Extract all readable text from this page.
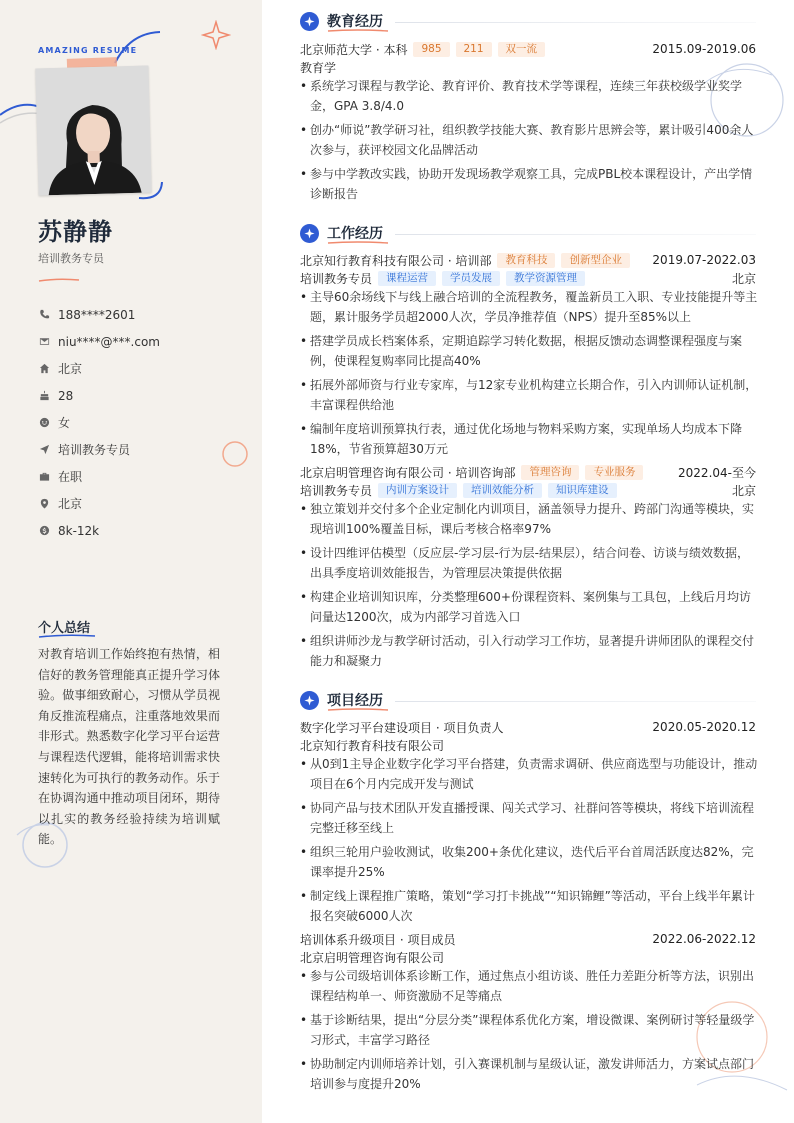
AMAZING RESUME
苏静静
培训教务专员
188****2601
niu****@***.com
北京
28
女
培训教务专员
在职
北京
8k-12k
个人总结

对教育培训工作始终抱有热情，相信好的教务管理能真正提升学习体验。做事细致耐心，习惯从学员视角反推流程痛点，注重落地效果而非形式。熟悉数字化学习平台运营与课程迭代逻辑，能将培训需求快速转化为可执行的教务动作。乐于在协调沟通中推动项目闭环，期待以扎实的教务经验持续为培训赋能。

教育经历
北京师范大学 · 本科	985	211	双一流	2015.09-2019.06
教育学
• 系统学习课程与教学论、教育评价、教育技术学等课程，连续三年获校级学业奖学金，GPA 3.8/4.0
• 创办“师说”教学研习社，组织教学技能大赛、教育影片思辨会等，累计吸引400余人次参与，获评校园文化品牌活动
• 参与中学教改实践，协助开发现场教学观察工具，完成PBL校本课程设计，产出学情诊断报告
工作经历
北京知行教育科技有限公司 · 培训部	教育科技	创新型企业	2019.07-2022.03
培训教务专员	课程运营	学员发展	教学资源管理	北京
• 主导60余场线下与线上融合培训的全流程教务，覆盖新员工入职、专业技能提升等主题，累计服务学员超2000人次，学员净推荐值（NPS）提升至85%以上
• 搭建学员成长档案体系，定期追踪学习转化数据，根据反馈动态调整课程强度与案例，使课程复购率同比提高40%
• 拓展外部师资与行业专家库，与12家专业机构建立长期合作，引入内训师认证机制，丰富课程供给池
• 编制年度培训预算执行表，通过优化场地与物料采购方案，实现单场人均成本下降18%，节省预算超30万元
北京启明管理咨询有限公司 · 培训咨询部	管理咨询	专业服务	2022.04-至今
培训教务专员	内训方案设计	培训效能分析	知识库建设	北京
• 独立策划并交付多个企业定制化内训项目，涵盖领导力提升、跨部门沟通等模块，实现培训100%覆盖目标，课后考核合格率97%
• 设计四维评估模型（反应层-学习层-行为层-结果层），结合问卷、访谈与绩效数据，出具季度培训效能报告，为管理层决策提供依据
• 构建企业培训知识库，分类整理600+份课程资料、案例集与工具包，上线后月均访问量达1200次，成为内部学习首选入口
• 组织讲师沙龙与教学研讨活动，引入行动学习工作坊，显著提升讲师团队的课程交付能力和凝聚力
项目经历
数字化学习平台建设项目 · 项目负责人	2020.05-2020.12
北京知行教育科技有限公司
• 从0到1主导企业数字化学习平台搭建，负责需求调研、供应商选型与功能设计，推动项目在6个月内完成开发与测试
• 协同产品与技术团队开发直播授课、闯关式学习、社群问答等模块，将线下培训流程完整迁移至线上
• 组织三轮用户验收测试，收集200+条优化建议，迭代后平台首周活跃度达82%，完课率提升25%
• 制定线上课程推广策略，策划“学习打卡挑战”“知识锦鲤”等活动，平台上线半年累计报名突破6000人次
培训体系升级项目 · 项目成员	2022.06-2022.12
北京启明管理咨询有限公司
• 参与公司级培训体系诊断工作，通过焦点小组访谈、胜任力差距分析等方法，识别出课程结构单一、师资激励不足等痛点
• 基于诊断结果，提出“分层分类”课程体系优化方案，增设微课、案例研讨等轻量级学习形式，丰富学习路径
• 协助制定内训师培养计划，引入赛课机制与星级认证，激发讲师活力，方案试点部门培训参与度提升20%
